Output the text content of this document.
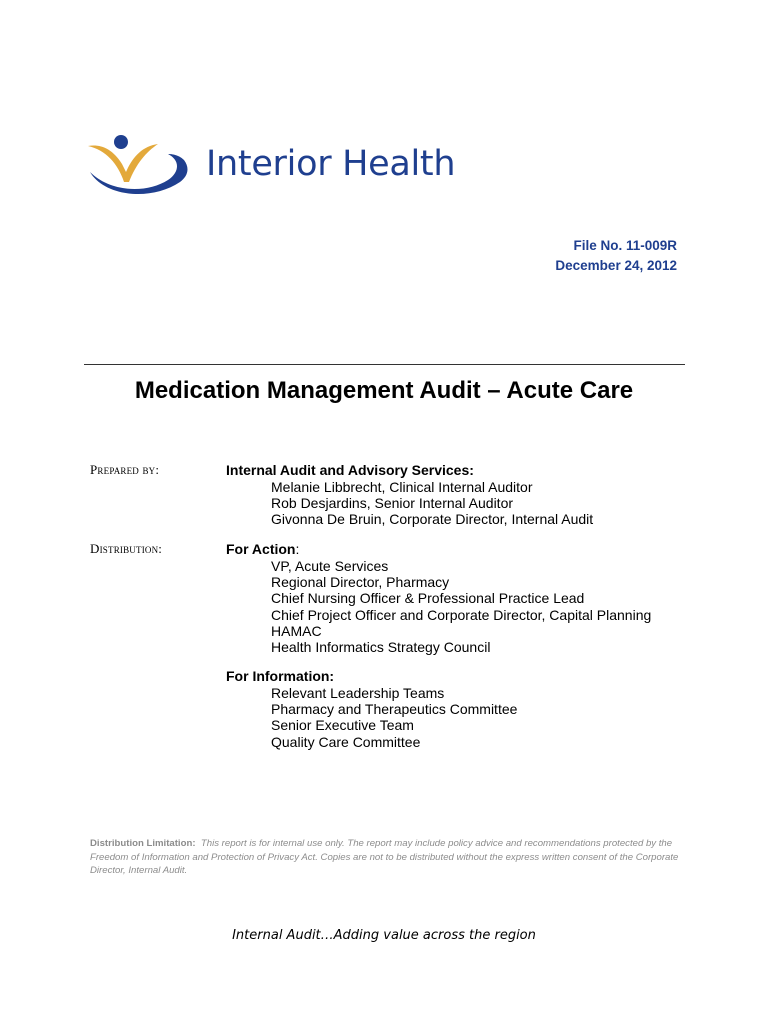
Interior Health
File No. 11-009R
December 24, 2012
Medication Management Audit – Acute Care
Prepared by:	Internal Audit and Advisory Services:
Melanie Libbrecht, Clinical Internal Auditor
Rob Desjardins, Senior Internal Auditor
Givonna De Bruin, Corporate Director, Internal Audit
Distribution:	For Action:
VP, Acute Services
Regional Director, Pharmacy
Chief Nursing Officer & Professional Practice Lead
Chief Project Officer and Corporate Director, Capital Planning
HAMAC
Health Informatics Strategy Council
For Information:
Relevant Leadership Teams
Pharmacy and Therapeutics Committee
Senior Executive Team
Quality Care Committee
Distribution Limitation: This report is for internal use only. The report may include policy advice and recommendations protected by the Freedom of Information and Protection of Privacy Act. Copies are not to be distributed without the express written consent of the Corporate Director, Internal Audit.
Internal Audit…Adding value across the region
